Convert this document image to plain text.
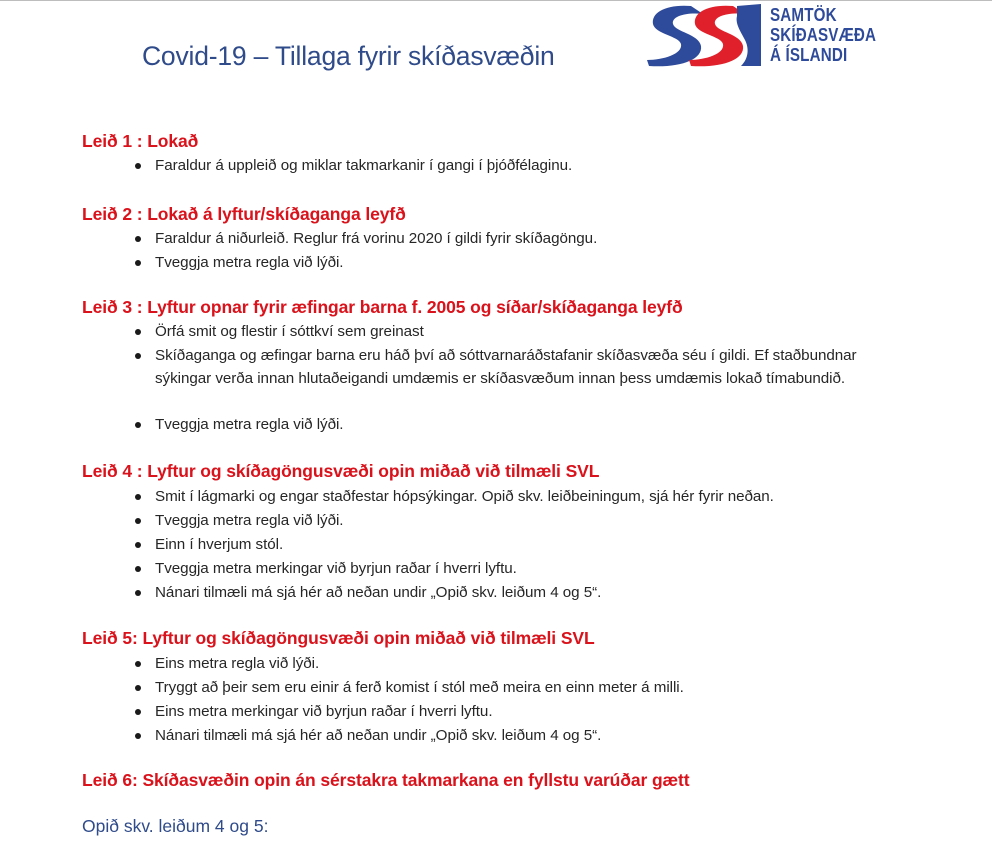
Covid-19 – Tillaga fyrir skíðasvæðin
SAMTÖK
SKÍÐASVÆÐA
Á ÍSLANDI
Leið 1 : Lokað
Faraldur á uppleið og miklar takmarkanir í gangi í þjóðfélaginu.
Leið 2 : Lokað á lyftur/skíðaganga leyfð
Faraldur á niðurleið. Reglur frá vorinu 2020 í gildi fyrir skíðagöngu.
Tveggja metra regla við lýði.
Leið 3 : Lyftur opnar fyrir æfingar barna f. 2005 og síðar/skíðaganga leyfð
Örfá smit og flestir í sóttkví sem greinast
Skíðaganga og æfingar barna eru háð því að sóttvarnaráðstafanir skíðasvæða séu í gildi. Ef staðbundnar sýkingar verða innan hlutaðeigandi umdæmis er skíðasvæðum innan þess umdæmis lokað tímabundið.
Tveggja metra regla við lýði.
Leið 4 : Lyftur og skíðagöngusvæði opin miðað við tilmæli SVL
Smit í lágmarki og engar staðfestar hópsýkingar. Opið skv. leiðbeiningum, sjá hér fyrir neðan.
Tveggja metra regla við lýði.
Einn í hverjum stól.
Tveggja metra merkingar við byrjun raðar í hverri lyftu.
Nánari tilmæli má sjá hér að neðan undir „Opið skv. leiðum 4 og 5“.
Leið 5: Lyftur og skíðagöngusvæði opin miðað við tilmæli SVL
Eins metra regla við lýði.
Tryggt að þeir sem eru einir á ferð komist í stól með meira en einn meter á milli.
Eins metra merkingar við byrjun raðar í hverri lyftu.
Nánari tilmæli má sjá hér að neðan undir „Opið skv. leiðum 4 og 5“.
Leið 6: Skíðasvæðin opin án sérstakra takmarkana en fyllstu varúðar gætt
Opið skv. leiðum 4 og 5:
